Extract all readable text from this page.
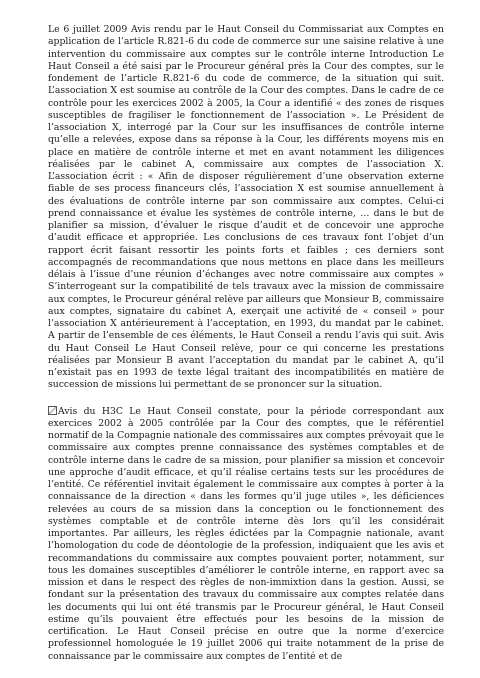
Le 6 juillet 2009 Avis rendu par le Haut Conseil du Commissariat aux Comptes en application de l’article R.821-6 du code de commerce sur une saisine relative à une intervention du commissaire aux comptes sur le contrôle interne Introduction Le Haut Conseil a été saisi par le Procureur général près la Cour des comptes, sur le fondement de l’article R.821-6 du code de commerce, de la situation qui suit. L’association X est soumise au contrôle de la Cour des comptes. Dans le cadre de ce contrôle pour les exercices 2002 à 2005, la Cour a identifié « des zones de risques susceptibles de fragiliser le fonctionnement de l’association ». Le Président de l’association X, interrogé par la Cour sur les insuffisances de contrôle interne qu’elle a relevées, expose dans sa réponse à la Cour, les différents moyens mis en place en matière de contrôle interne et met en avant notamment les diligences réalisées par le cabinet A, commissaire aux comptes de l’association X. L’association écrit : « Afin de disposer régulièrement d’une observation externe fiable de ses process financeurs clés, l’association X est soumise annuellement à des évaluations de contrôle interne par son commissaire aux comptes. Celui-ci prend connaissance et évalue les systèmes de contrôle interne, … dans le but de planifier sa mission, d’évaluer le risque d’audit et de concevoir une approche d’audit efficace et appropriée. Les conclusions de ces travaux font l’objet d’un rapport écrit faisant ressortir les points forts et faibles ; ces derniers sont accompagnés de recommandations que nous mettons en place dans les meilleurs délais à l’issue d’une réunion d’échanges avec notre commissaire aux comptes » S’interrogeant sur la compatibilité de tels travaux avec la mission de commissaire aux comptes, le Procureur général relève par ailleurs que Monsieur B, commissaire aux comptes, signataire du cabinet A, exerçait une activité de « conseil » pour l’association X antérieurement à l’acceptation, en 1993, du mandat par le cabinet. A partir de l’ensemble de ces éléments, le Haut Conseil a rendu l’avis qui suit. Avis du Haut Conseil Le Haut Conseil relève, pour ce qui concerne les prestations réalisées par Monsieur B avant l’acceptation du mandat par le cabinet A, qu’il n’existait pas en 1993 de texte légal traitant des incompatibilités en matière de succession de missions lui permettant de se prononcer sur la situation.

Avis du H3C Le Haut Conseil constate, pour la période correspondant aux exercices 2002 à 2005 contrôlée par la Cour des comptes, que le référentiel normatif de la Compagnie nationale des commissaires aux comptes prévoyait que le commissaire aux comptes prenne connaissance des systèmes comptables et de contrôle interne dans le cadre de sa mission, pour planifier sa mission et concevoir une approche d’audit efficace, et qu’il réalise certains tests sur les procédures de l’entité. Ce référentiel invitait également le commissaire aux comptes à porter à la connaissance de la direction « dans les formes qu’il juge utiles », les déficiences relevées au cours de sa mission dans la conception ou le fonctionnement des systèmes comptable et de contrôle interne dès lors qu’il les considérait importantes. Par ailleurs, les règles édictées par la Compagnie nationale, avant l’homologation du code de déontologie de la profession, indiquaient que les avis et recommandations du commissaire aux comptes pouvaient porter, notamment, sur tous les domaines susceptibles d’améliorer le contrôle interne, en rapport avec sa mission et dans le respect des règles de non-immixtion dans la gestion. Aussi, se fondant sur la présentation des travaux du commissaire aux comptes relatée dans les documents qui lui ont été transmis par le Procureur général, le Haut Conseil estime qu’ils pouvaient être effectués pour les besoins de la mission de certification. Le Haut Conseil précise en outre que la norme d’exercice professionnel homologuée le 19 juillet 2006 qui traite notamment de la prise de connaissance par le commissaire aux comptes de l’entité et de
